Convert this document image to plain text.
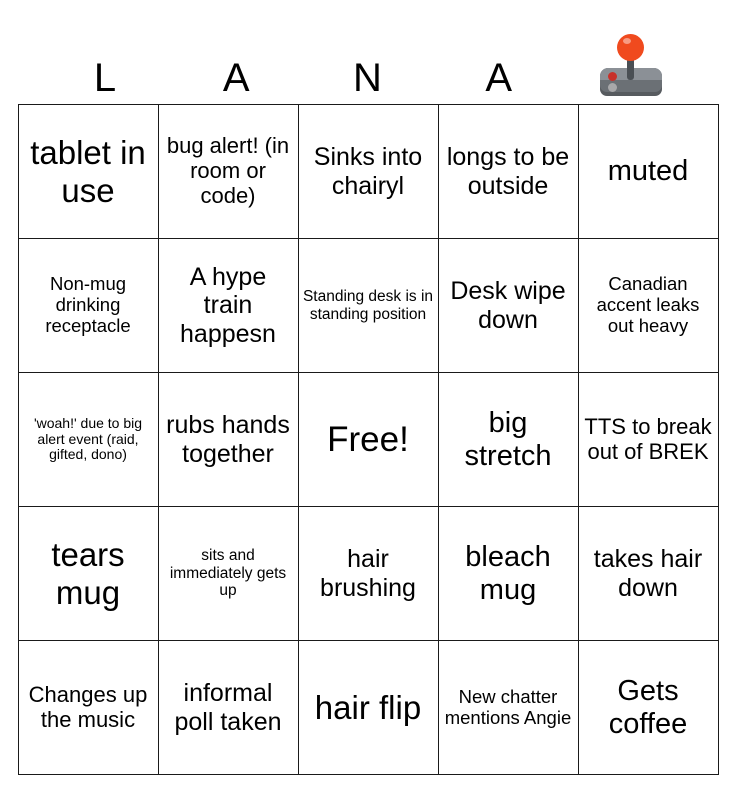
L	A	N	A
tablet in use	bug alert! (in room or code)	Sinks into chairyl	longs to be outside	muted
Non-mug drinking receptacle	A hype train happesn	Standing desk is in standing position	Desk wipe down	Canadian accent leaks out heavy
'woah!' due to big alert event (raid, gifted, dono)	rubs hands together	Free!	big stretch	TTS to break out of BREK
tears mug	sits and immediately gets up	hair brushing	bleach mug	takes hair down
Changes up the music	informal poll taken	hair flip	New chatter mentions Angie	Gets coffee
